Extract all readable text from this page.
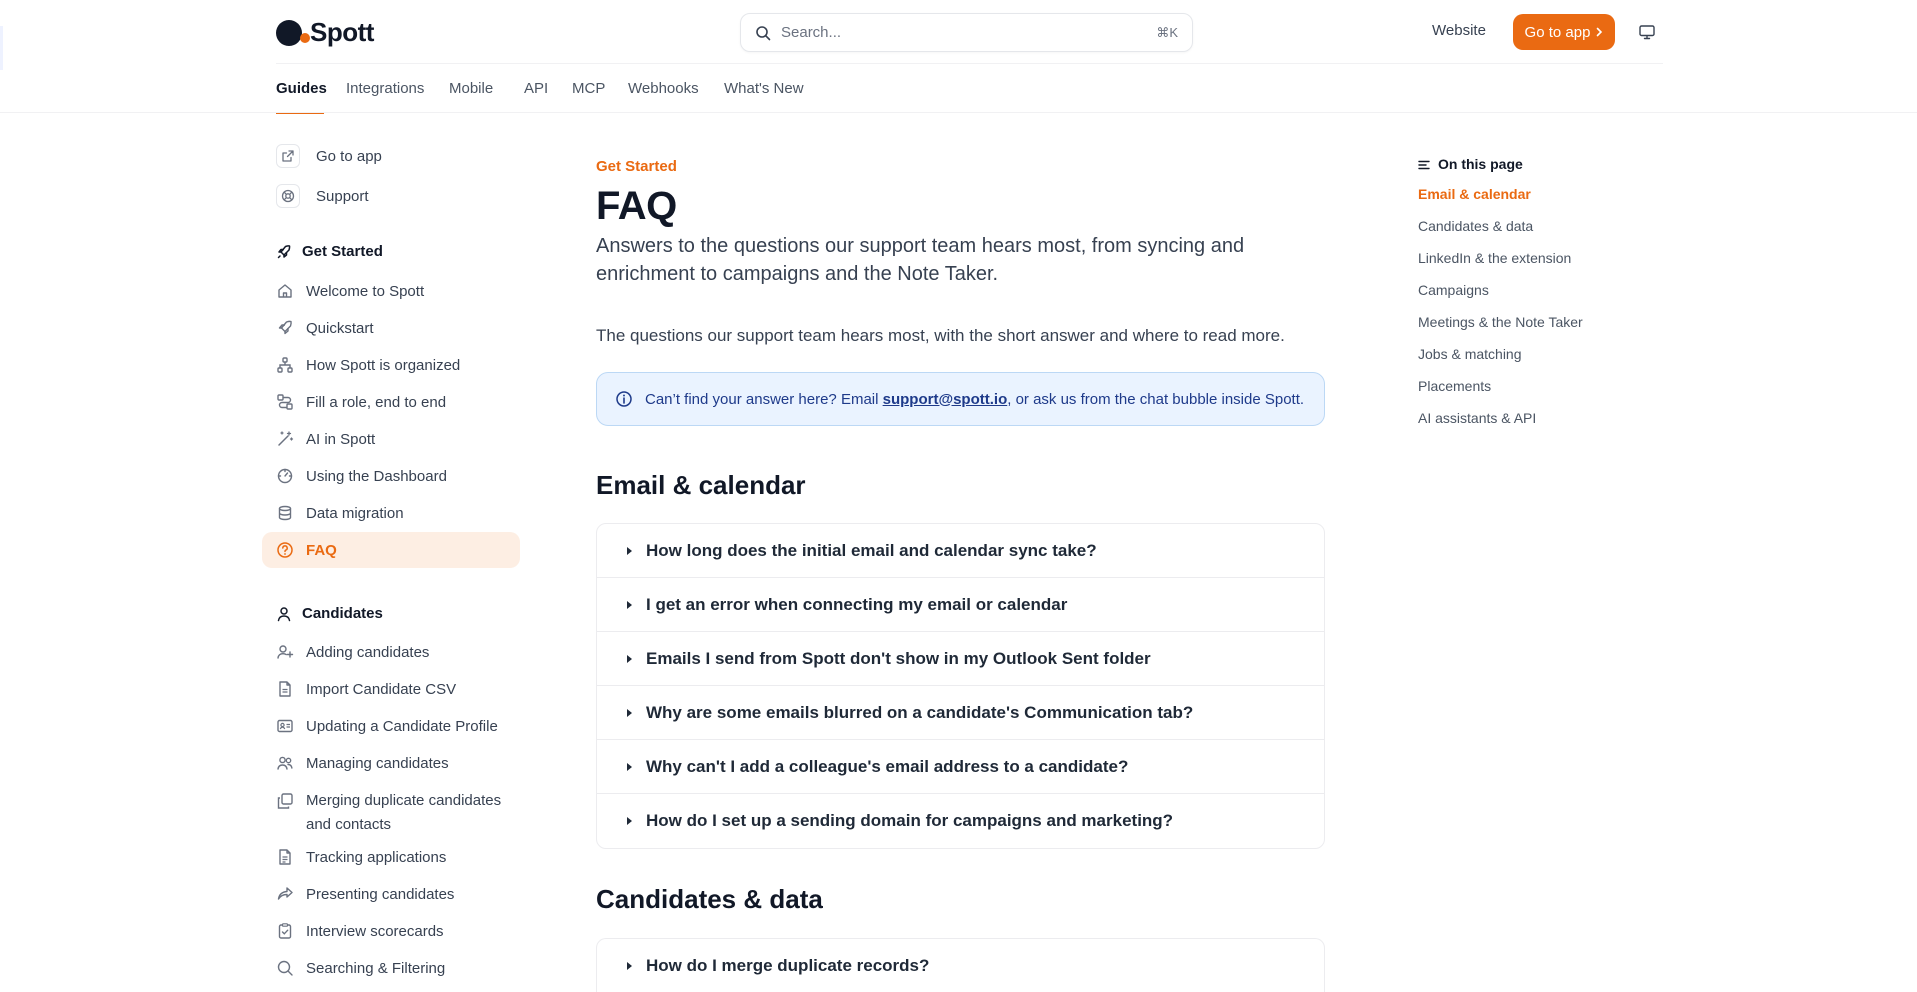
Spott	Search...	⌘K	Website	Go to app
Guides Integrations Mobile API MCP Webhooks What's New
Go to app
Support
Get Started
Welcome to Spott
Quickstart
How Spott is organized
Fill a role, end to end
AI in Spott
Using the Dashboard
Data migration
FAQ
Candidates
Adding candidates
Import Candidate CSV
Updating a Candidate Profile
Managing candidates
Merging duplicate candidates and contacts
Tracking applications
Presenting candidates
Interview scorecards
Searching & Filtering
Get Started
FAQ

Answers to the questions our support team hears most, from syncing and enrichment to campaigns and the Note Taker.

The questions our support team hears most, with the short answer and where to read more.

Can’t find your answer here? Email support@spott.io, or ask us from the chat bubble inside Spott.
Email & calendar
How long does the initial email and calendar sync take?
I get an error when connecting my email or calendar
Emails I send from Spott don't show in my Outlook Sent folder
Why are some emails blurred on a candidate's Communication tab?
Why can't I add a colleague's email address to a candidate?
How do I set up a sending domain for campaigns and marketing?
Candidates & data
How do I merge duplicate records?
On this page
Email & calendar
Candidates & data
LinkedIn & the extension
Campaigns
Meetings & the Note Taker
Jobs & matching
Placements
AI assistants & API
